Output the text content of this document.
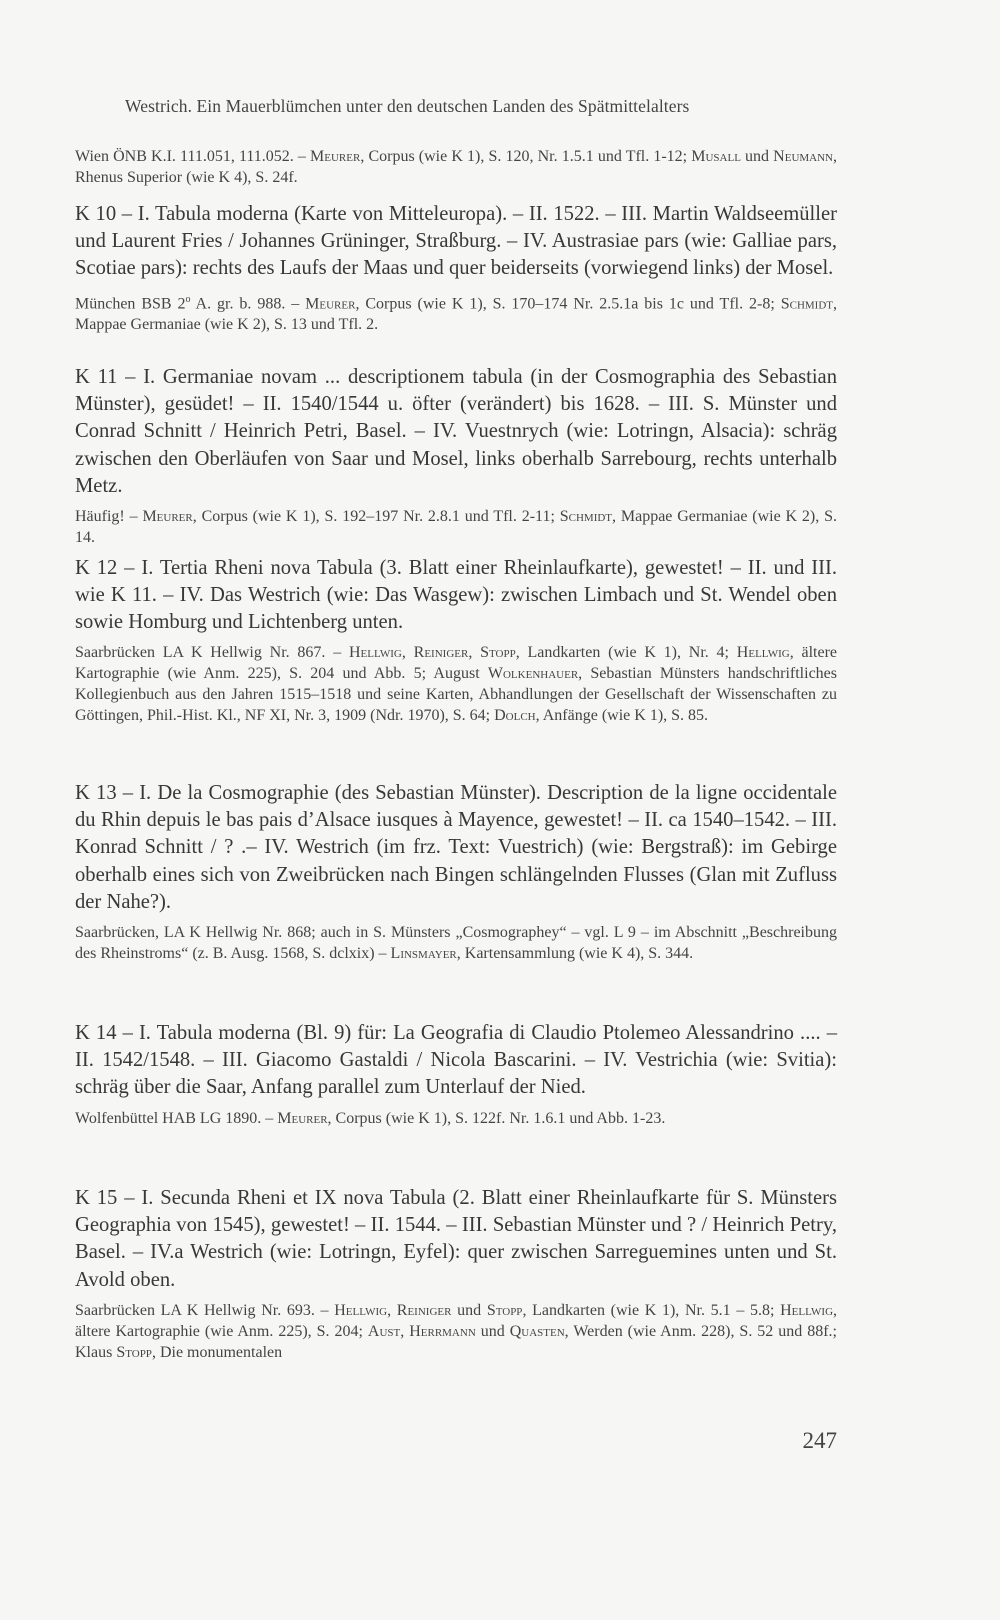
Westrich. Ein Mauerblümchen unter den deutschen Landen des Spätmittelalters
Wien ÖNB K.I. 111.051, 111.052. – Meurer, Corpus (wie K 1), S. 120, Nr. 1.5.1 und Tfl. 1-12; Musall und Neumann, Rhenus Superior (wie K 4), S. 24f.
K 10 – I. Tabula moderna (Karte von Mitteleuropa). – II. 1522. – III. Martin Waldseemüller und Laurent Fries / Johannes Grüninger, Straßburg. – IV. Austrasiae pars (wie: Galliae pars, Scotiae pars): rechts des Laufs der Maas und quer beiderseits (vorwiegend links) der Mosel.
München BSB 2$^o$ A. gr. b. 988. – Meurer, Corpus (wie K 1), S. 170–174 Nr. 2.5.1a bis 1c und Tfl. 2-8; Schmidt, Mappae Germaniae (wie K 2), S. 13 und Tfl. 2.
K 11 – I. Germaniae novam ... descriptionem tabula (in der Cosmographia des Sebastian Münster), gesüdet! – II. 1540/1544 u. öfter (verändert) bis 1628. – III. S. Münster und Conrad Schnitt / Heinrich Petri, Basel. – IV. Vuestnrych (wie: Lotringn, Alsacia): schräg zwischen den Oberläufen von Saar und Mosel, links oberhalb Sarrebourg, rechts unterhalb Metz.
Häufig! – Meurer, Corpus (wie K 1), S. 192–197 Nr. 2.8.1 und Tfl. 2-11; Schmidt, Mappae Germaniae (wie K 2), S. 14.
K 12 – I. Tertia Rheni nova Tabula (3. Blatt einer Rheinlaufkarte), gewestet! – II. und III. wie K 11. – IV. Das Westrich (wie: Das Wasgew): zwischen Limbach und St. Wendel oben sowie Homburg und Lichtenberg unten.
Saarbrücken LA K Hellwig Nr. 867. – Hellwig, Reiniger, Stopp, Landkarten (wie K 1), Nr. 4; Hellwig, ältere Kartographie (wie Anm. 225), S. 204 und Abb. 5; August Wolkenhauer, Sebastian Münsters handschriftliches Kollegienbuch aus den Jahren 1515–1518 und seine Karten, Abhandlungen der Gesellschaft der Wissenschaften zu Göttingen, Phil.-Hist. Kl., NF XI, Nr. 3, 1909 (Ndr. 1970), S. 64; Dolch, Anfänge (wie K 1), S. 85.
K 13 – I. De la Cosmographie (des Sebastian Münster). Description de la ligne occidentale du Rhin depuis le bas pais d’Alsace iusques à Mayence, gewestet! – II. ca 1540–1542. – III. Konrad Schnitt / ? .– IV. Westrich (im frz. Text: Vuestrich) (wie: Bergstraß): im Gebirge oberhalb eines sich von Zweibrücken nach Bingen schlängelnden Flusses (Glan mit Zufluss der Nahe?).
Saarbrücken, LA K Hellwig Nr. 868; auch in S. Münsters „Cosmographey“ – vgl. L 9 – im Abschnitt „Beschreibung des Rheinstroms“ (z. B. Ausg. 1568, S. dclxix) – Linsmayer, Kartensammlung (wie K 4), S. 344.
K 14 – I. Tabula moderna (Bl. 9) für: La Geografia di Claudio Ptolemeo Alessandrino .... – II. 1542/1548. – III. Giacomo Gastaldi / Nicola Bascarini. – IV. Vestrichia (wie: Svitia): schräg über die Saar, Anfang parallel zum Unterlauf der Nied.
Wolfenbüttel HAB LG 1890. – Meurer, Corpus (wie K 1), S. 122f. Nr. 1.6.1 und Abb. 1-23.
K 15 – I. Secunda Rheni et IX nova Tabula (2. Blatt einer Rheinlaufkarte für S. Münsters Geographia von 1545), gewestet! – II. 1544. – III. Sebastian Münster und ? / Heinrich Petry, Basel. – IV.a Westrich (wie: Lotringn, Eyfel): quer zwischen Sarreguemines unten und St. Avold oben.
Saarbrücken LA K Hellwig Nr. 693. – Hellwig, Reiniger und Stopp, Landkarten (wie K 1), Nr. 5.1 – 5.8; Hellwig, ältere Kartographie (wie Anm. 225), S. 204; Aust, Herrmann und Quasten, Werden (wie Anm. 228), S. 52 und 88f.; Klaus Stopp, Die monumentalen
247
